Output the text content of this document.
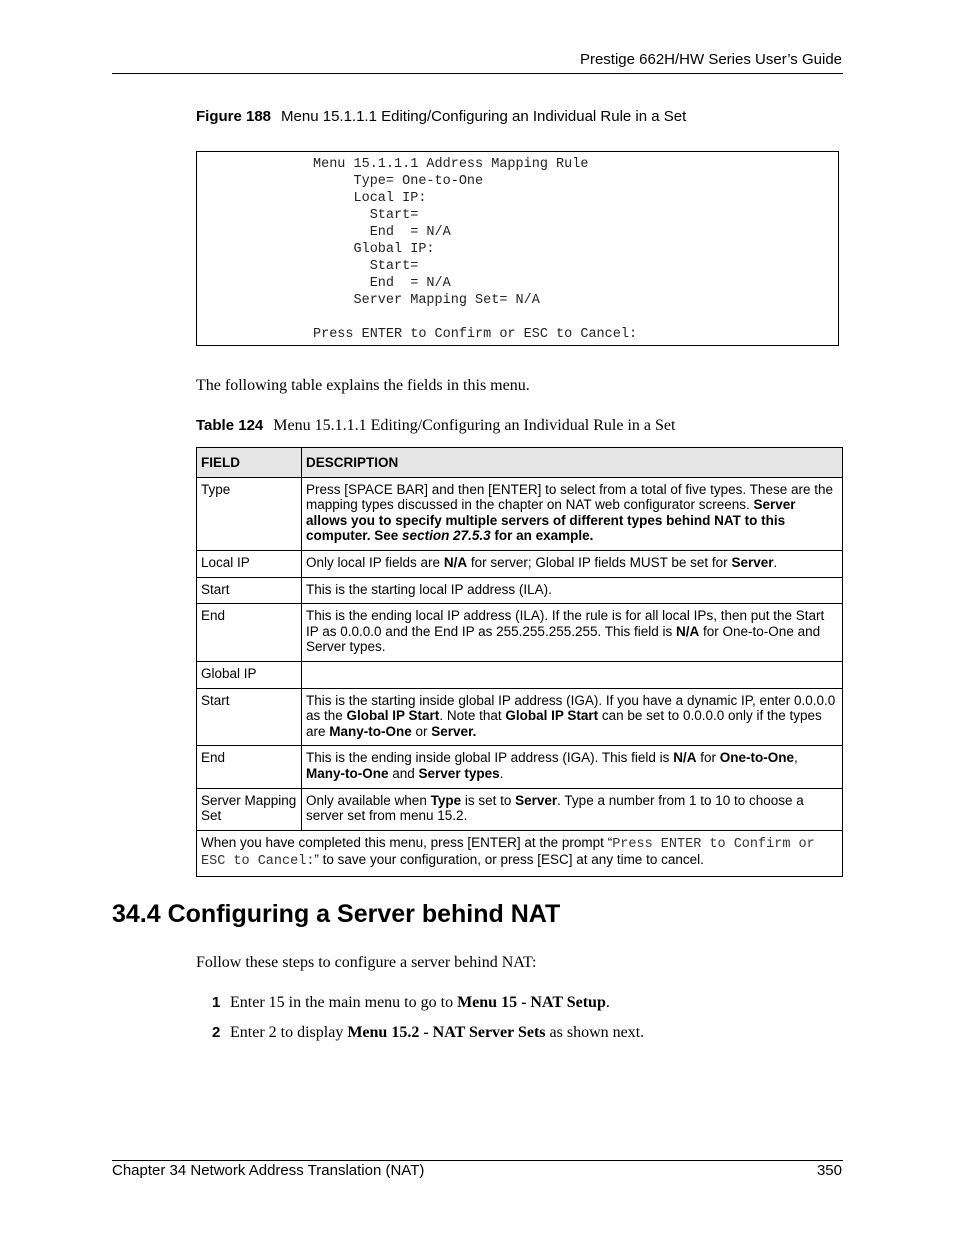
Prestige 662H/HW Series User’s Guide
Figure 188 Menu 15.1.1.1 Editing/Configuring an Individual Rule in a Set
Menu 15.1.1.1 Address Mapping Rule
Type= One-to-One
Local IP:
Start=
End  = N/A
Global IP:
Start=
End  = N/A
Server Mapping Set= N/A

Press ENTER to Confirm or ESC to Cancel:
The following table explains the fields in this menu.
Table 124 Menu 15.1.1.1 Editing/Configuring an Individual Rule in a Set
FIELD	DESCRIPTION
Type	Press [SPACE BAR] and then [ENTER] to select from a total of five types. These are the mapping types discussed in the chapter on NAT web configurator screens. Server allows you to specify multiple servers of different types behind NAT to this computer. See section 27.5.3 for an example.
Local IP	Only local IP fields are N/A for server; Global IP fields MUST be set for Server.
Start	This is the starting local IP address (ILA).
End	This is the ending local IP address (ILA). If the rule is for all local IPs, then put the Start IP as 0.0.0.0 and the End IP as 255.255.255.255. This field is N/A for One-to-One and Server types.
Global IP	
Start	This is the starting inside global IP address (IGA). If you have a dynamic IP, enter 0.0.0.0 as the Global IP Start. Note that Global IP Start can be set to 0.0.0.0 only if the types are Many-to-One or Server.
End	This is the ending inside global IP address (IGA). This field is N/A for One-to-One, Many-to-One and Server types.
Server Mapping Set	Only available when Type is set to Server. Type a number from 1 to 10 to choose a server set from menu 15.2.
When you have completed this menu, press [ENTER] at the prompt “Press ENTER to Confirm or ESC to Cancel:” to save your configuration, or press [ESC] at any time to cancel.	
34.4 Configuring a Server behind NAT
Follow these steps to configure a server behind NAT:
1 Enter 15 in the main menu to go to Menu 15 - NAT Setup.
2 Enter 2 to display Menu 15.2 - NAT Server Sets as shown next.
Chapter 34 Network Address Translation (NAT)	350
